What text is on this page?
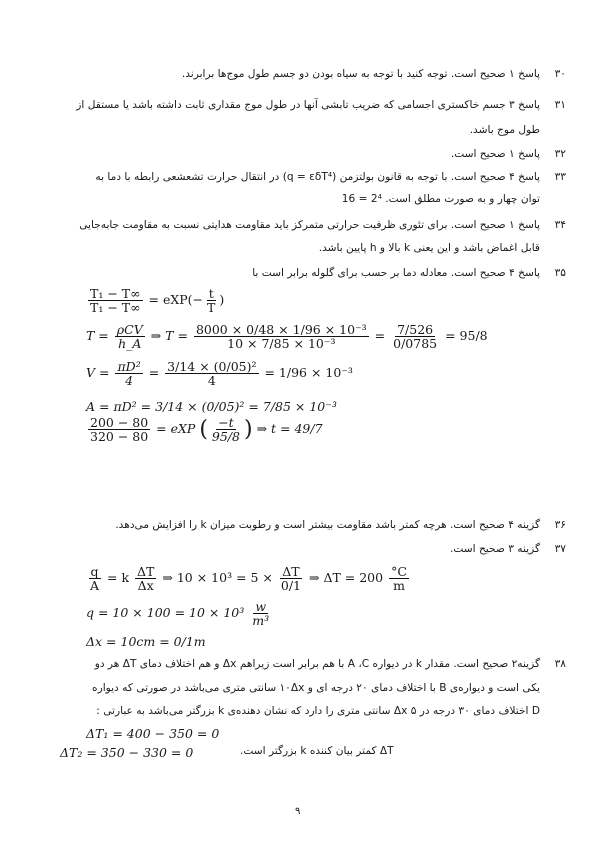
۳۰
پاسخ ۱ صحیح است. توجه کنید با توجه به سیاه بودن دو جسم طول موج‌ها برابرند.
۳۱
پاسخ ۳ جسم خاکستری اجسامی که ضریب تابشی آنها در طول موج مقداری ثابت داشته باشد یا مستقل از
طول موج باشد.
۳۲
پاسخ ۱ صحیح است.
۳۳
پاسخ ۴ صحیح است. با توجه به قانون بولتزمن (q = εδT⁴) در انتقال حرارت تشعشعی رابطه با دما به
توان چهار و به صورت مطلق است. 2⁴ = 16
۳۴
پاسخ ۱ صحیح است. برای تئوری ظرفیت حرارتی متمرکز باید مقاومت هدایتی نسبت به مقاومت جابه‌جایی
قابل اغماض باشد و این یعنی k بالا و h پایین باشد.
۳۵
پاسخ ۴ صحیح است. معادله دما بر حسب برای گلوله برابر است با
$\frac{\text{T₁ − T∞}}{\text{T₁ − T∞}} = eXP(- \frac{t}{T}$ )
$T = \frac{\text{ρCV}}{h\_A}$ ⇒ $T = \frac{\text{8000 × 0/48 × 1/96 × 10⁻³}}{\text{10 × 7/85 × 10⁻³}} = \frac{7/526}{0/0785} = 95/8$
$V = \frac{\text{πD²}}{4} = \frac{\text{3/14 × (0/05)²}}{4} = 1/96 \times 10^{-3}$
A = πD² = 3/14 × (0/05)² = 7/85 × 10⁻³
$\frac{200 - 80}{320 - 80}$ = eXP ( $\frac{-t}{95/8}$ ) ⇒ t = 49/7
۳۶
گزینه ۴ صحیح است. هرچه کمتر باشد مقاومت بیشتر است و رطوبت میزان k را افزایش می‌دهد.
۳۷
گزینه ۳ صحیح است.
$\frac{q}{A} = k \frac{\Delta T}{\Delta x}$ ⇒ $10 \times 10^3 = 5 \times \frac{\Delta T}{0/1}$ ⇒ $\Delta T = 200 \frac{^\circ C}{m}$
$q = 10 \times 100 = 10 \times 10^3 \frac{w}{\text{m³}}$
Δx = 10cm = 0/1m
۳۸
گزینه۲ صحیح است. مقدار k در دیواره A ،C با هم برابر است زیراهم Δx و هم اختلاف دمای ΔT هر دو
یکی است و دیواره‌ی B با اختلاف دمای ۲۰ درجه ای و ۱۰Δx سانتی متری می‌باشد در صورتی که دیواره
D اختلاف دمای ۳۰ درجه در Δx ۵ سانتی متری را دارد که نشان دهنده‌ی k بزرگتر می‌باشد به عبارتی :
ΔT₁ = 400 − 350 = 0
ΔT₂ = 350 − 330 = 0	ΔT کمتر بیان کننده k بزرگتر است.
۹
